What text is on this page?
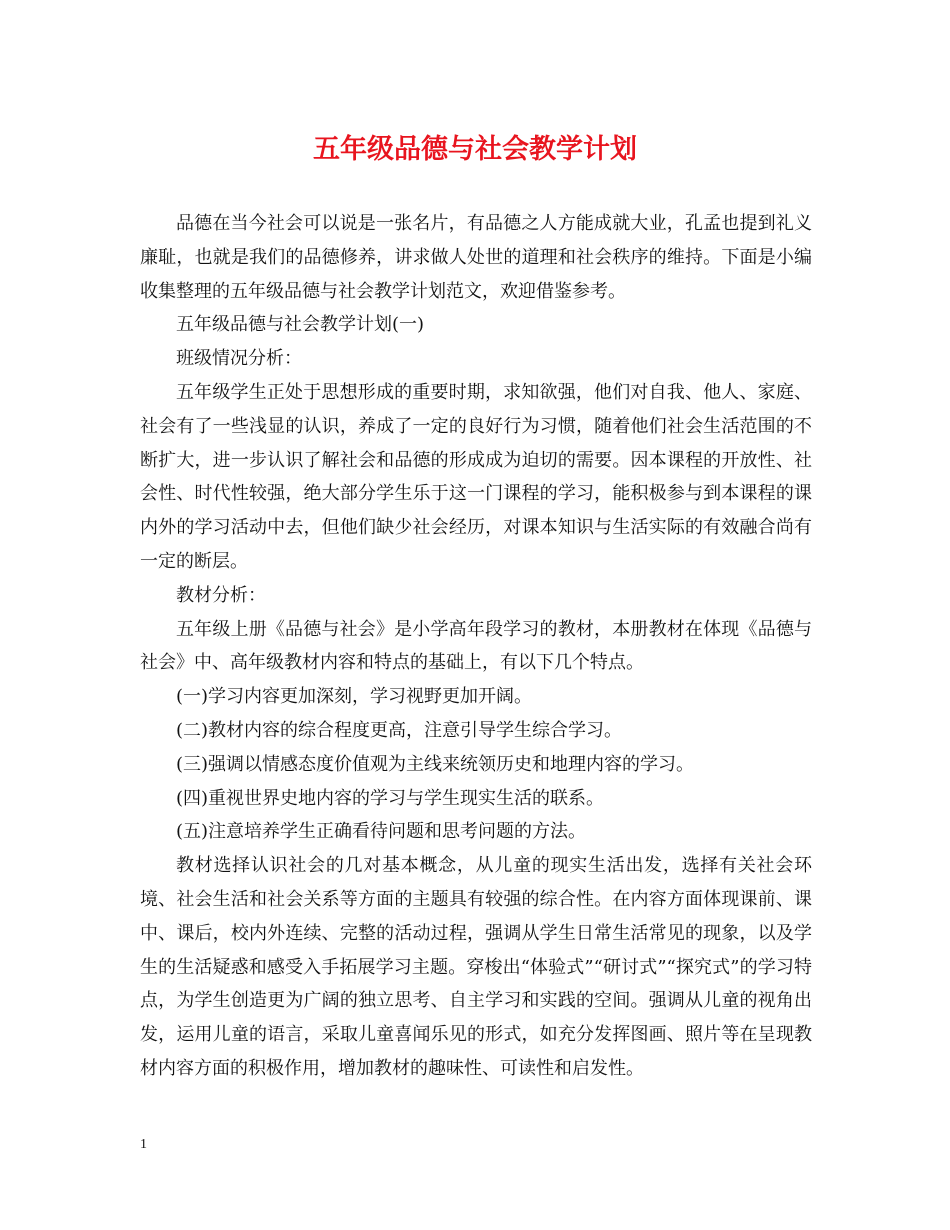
五年级品德与社会教学计划

品德在当今社会可以说是一张名片，有品德之人方能成就大业，孔孟也提到礼义廉耻，也就是我们的品德修养，讲求做人处世的道理和社会秩序的维持。下面是小编收集整理的五年级品德与社会教学计划范文，欢迎借鉴参考。

五年级品德与社会教学计划(一)

班级情况分析：

五年级学生正处于思想形成的重要时期，求知欲强，他们对自我、他人、家庭、社会有了一些浅显的认识，养成了一定的良好行为习惯，随着他们社会生活范围的不断扩大，进一步认识了解社会和品德的形成成为迫切的需要。因本课程的开放性、社会性、时代性较强，绝大部分学生乐于这一门课程的学习，能积极参与到本课程的课内外的学习活动中去，但他们缺少社会经历，对课本知识与生活实际的有效融合尚有一定的断层。

教材分析：

五年级上册《品德与社会》是小学高年段学习的教材，本册教材在体现《品德与社会》中、高年级教材内容和特点的基础上，有以下几个特点。

(一)学习内容更加深刻，学习视野更加开阔。

(二)教材内容的综合程度更高，注意引导学生综合学习。

(三)强调以情感态度价值观为主线来统领历史和地理内容的学习。

(四)重视世界史地内容的学习与学生现实生活的联系。

(五)注意培养学生正确看待问题和思考问题的方法。

教材选择认识社会的几对基本概念，从儿童的现实生活出发，选择有关社会环境、社会生活和社会关系等方面的主题具有较强的综合性。在内容方面体现课前、课中、课后，校内外连续、完整的活动过程，强调从学生日常生活常见的现象，以及学生的生活疑惑和感受入手拓展学习主题。穿梭出“体验式”“研讨式”“探究式”的学习特点，为学生创造更为广阔的独立思考、自主学习和实践的空间。强调从儿童的视角出发，运用儿童的语言，采取儿童喜闻乐见的形式，如充分发挥图画、照片等在呈现教材内容方面的积极作用，增加教材的趣味性、可读性和启发性。

1
